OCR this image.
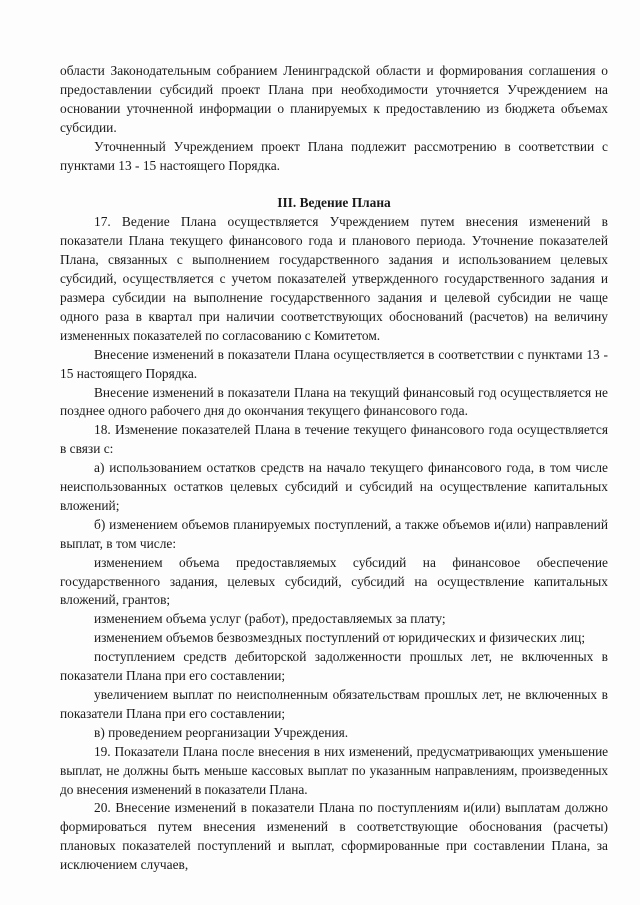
области Законодательным собранием Ленинградской области и формирования соглашения о предоставлении субсидий проект Плана при необходимости уточняется Учреждением на основании уточненной информации о планируемых к предоставлению из бюджета объемах субсидии.

Уточненный Учреждением проект Плана подлежит рассмотрению в соответствии с пунктами 13 - 15 настоящего Порядка.

III. Ведение Плана

17. Ведение Плана осуществляется Учреждением путем внесения изменений в показатели Плана текущего финансового года и планового периода. Уточнение показателей Плана, связанных с выполнением государственного задания и использованием целевых субсидий, осуществляется с учетом показателей утвержденного государственного задания и размера субсидии на выполнение государственного задания и целевой субсидии не чаще одного раза в квартал при наличии соответствующих обоснований (расчетов) на величину измененных показателей по согласованию с Комитетом.

Внесение изменений в показатели Плана осуществляется в соответствии с пунктами 13 - 15 настоящего Порядка.

Внесение изменений в показатели Плана на текущий финансовый год осуществляется не позднее одного рабочего дня до окончания текущего финансового года.

18. Изменение показателей Плана в течение текущего финансового года осуществляется в связи с:

а) использованием остатков средств на начало текущего финансового года, в том числе неиспользованных остатков целевых субсидий и субсидий на осуществление капитальных вложений;

б) изменением объемов планируемых поступлений, а также объемов и(или) направлений выплат, в том числе:

изменением объема предоставляемых субсидий на финансовое обеспечение государственного задания, целевых субсидий, субсидий на осуществление капитальных вложений, грантов;

изменением объема услуг (работ), предоставляемых за плату;

изменением объемов безвозмездных поступлений от юридических и физических лиц;

поступлением средств дебиторской задолженности прошлых лет, не включенных в показатели Плана при его составлении;

увеличением выплат по неисполненным обязательствам прошлых лет, не включенных в показатели Плана при его составлении;

в) проведением реорганизации Учреждения.

19. Показатели Плана после внесения в них изменений, предусматривающих уменьшение выплат, не должны быть меньше кассовых выплат по указанным направлениям, произведенных до внесения изменений в показатели Плана.

20. Внесение изменений в показатели Плана по поступлениям и(или) выплатам должно формироваться путем внесения изменений в соответствующие обоснования (расчеты) плановых показателей поступлений и выплат, сформированные при составлении Плана, за исключением случаев,
